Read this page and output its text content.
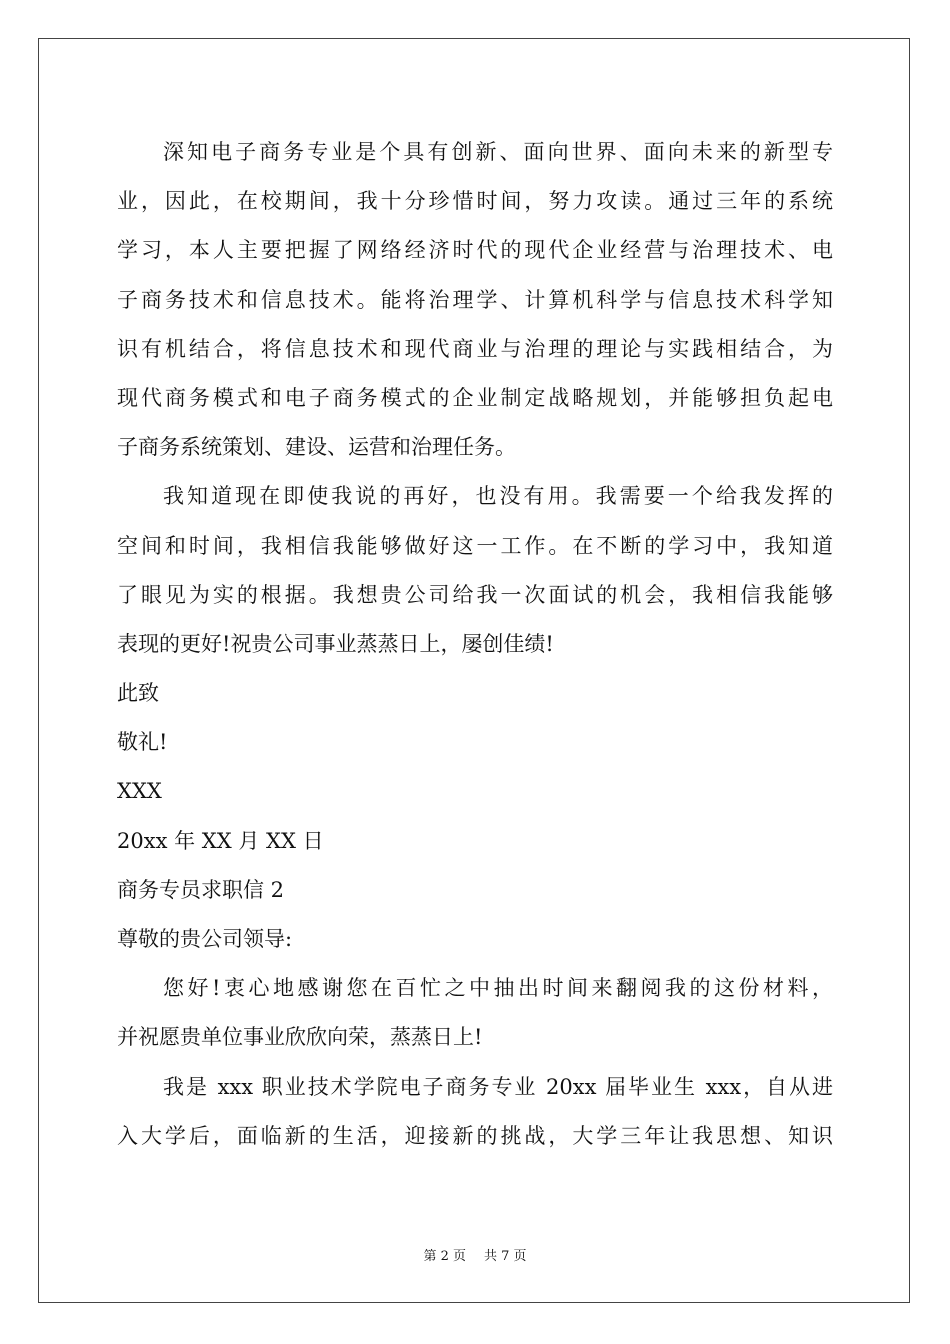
深知电子商务专业是个具有创新、面向世界、面向未来的新型专
业，因此，在校期间，我十分珍惜时间，努力攻读。通过三年的系统
学习，本人主要把握了网络经济时代的现代企业经营与治理技术、电
子商务技术和信息技术。能将治理学、计算机科学与信息技术科学知
识有机结合，将信息技术和现代商业与治理的理论与实践相结合，为
现代商务模式和电子商务模式的企业制定战略规划，并能够担负起电
子商务系统策划、建设、运营和治理任务。
我知道现在即使我说的再好，也没有用。我需要一个给我发挥的
空间和时间，我相信我能够做好这一工作。在不断的学习中，我知道
了眼见为实的根据。我想贵公司给我一次面试的机会，我相信我能够
表现的更好!祝贵公司事业蒸蒸日上，屡创佳绩!
此致
敬礼!
XXX
20xx 年 XX 月 XX 日
商务专员求职信 2
尊敬的贵公司领导:
您好!衷心地感谢您在百忙之中抽出时间来翻阅我的这份材料，
并祝愿贵单位事业欣欣向荣，蒸蒸日上!
我是 xxx 职业技术学院电子商务专业 20xx 届毕业生 xxx，自从进
入大学后，面临新的生活，迎接新的挑战，大学三年让我思想、知识
第 2 页 共 7 页
